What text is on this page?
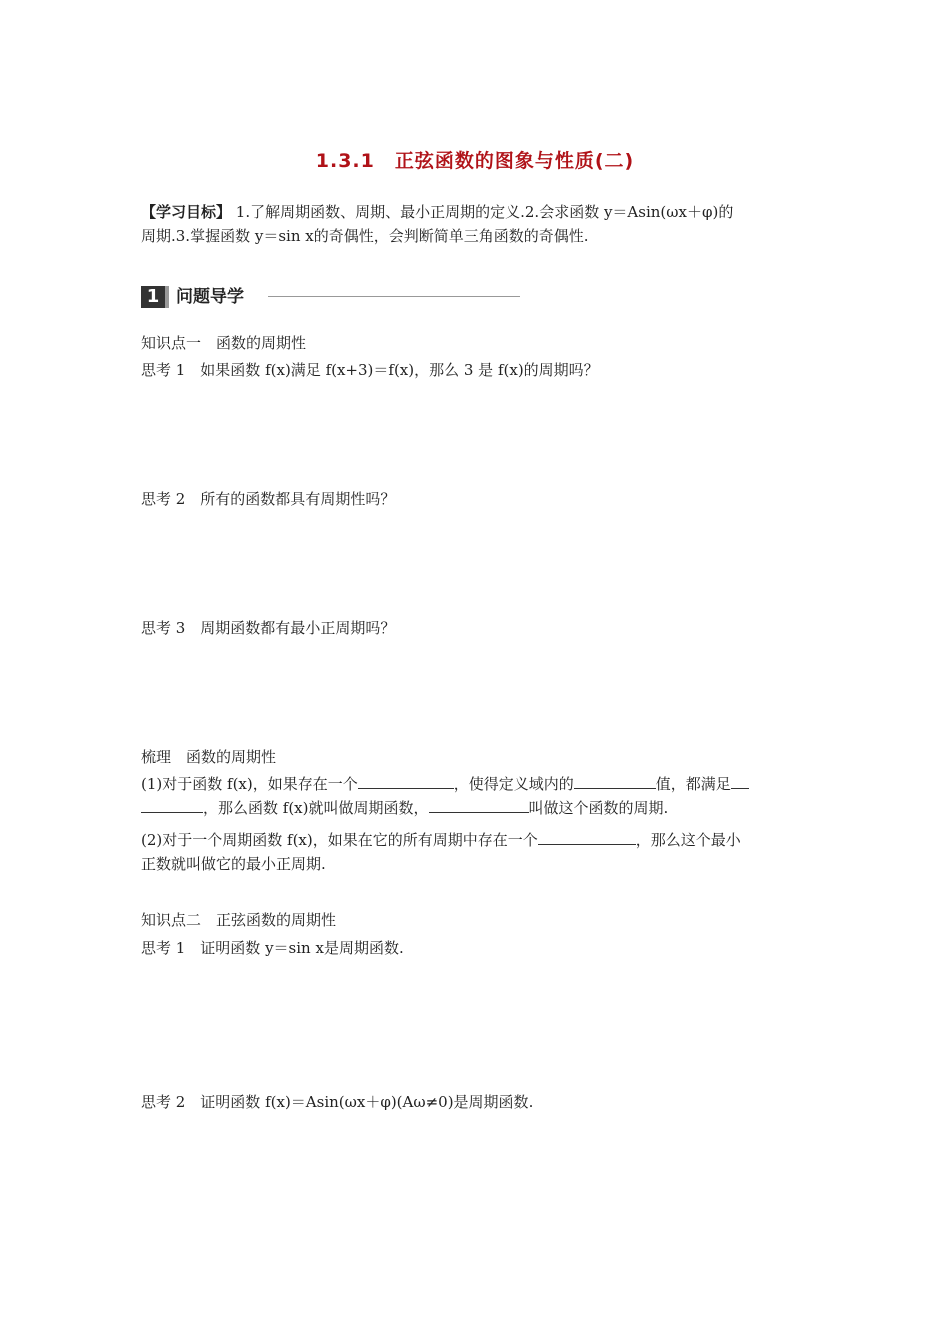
1.3.1　正弦函数的图象与性质(二)
【学习目标】 1.了解周期函数、周期、最小正周期的定义.2.会求函数 y＝Asin(ωx＋φ)的
周期.3.掌握函数 y＝sin x的奇偶性，会判断简单三角函数的奇偶性.
1 问题导学
知识点一　函数的周期性
思考 1　如果函数 f(x)满足 f(x+3)＝f(x)，那么 3 是 f(x)的周期吗？
思考 2　所有的函数都具有周期性吗？
思考 3　周期函数都有最小正周期吗？
梳理　函数的周期性
(1)对于函数 f(x)，如果存在一个	，使得定义域内的	值，都满足
，那么函数 f(x)就叫做周期函数，	叫做这个函数的周期.
(2)对于一个周期函数 f(x)，如果在它的所有周期中存在一个	，那么这个最小
正数就叫做它的最小正周期.
知识点二　正弦函数的周期性
思考 1　证明函数 y＝sin x是周期函数.
思考 2　证明函数 f(x)＝Asin(ωx＋φ)(Aω≠0)是周期函数.
